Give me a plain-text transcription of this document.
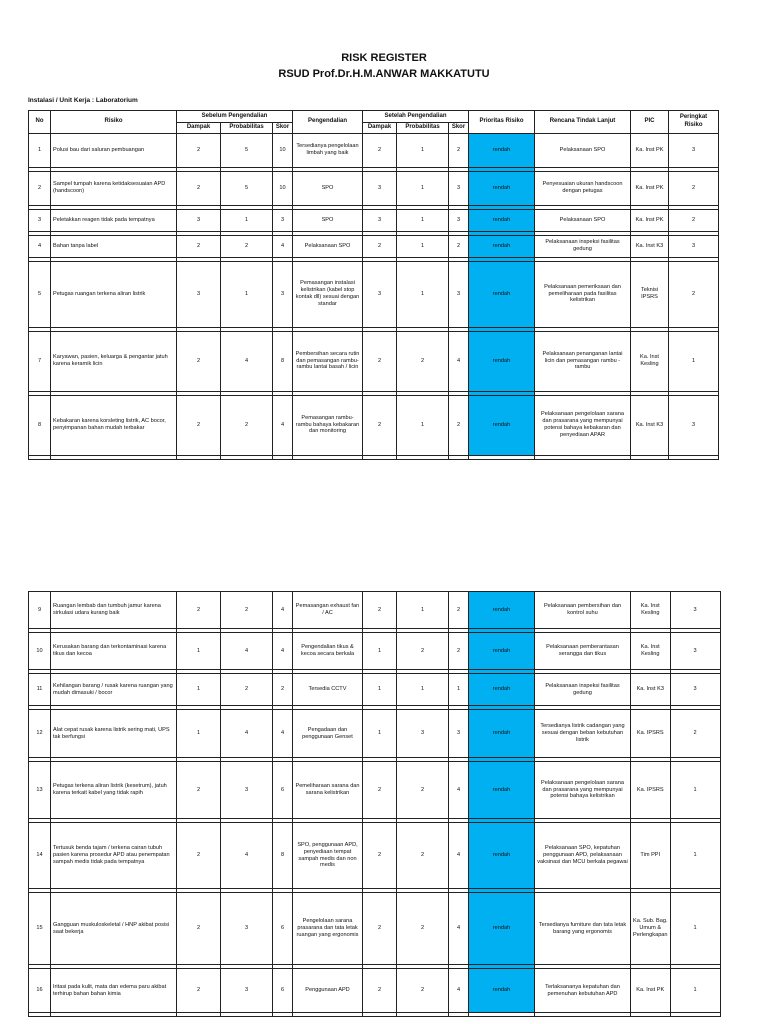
RISK REGISTER
RSUD Prof.Dr.H.M.ANWAR MAKKATUTU
Instalasi / Unit Kerja : Laboratorium
No	Risiko	Sebelum Pengendalian			Pengendalian	Setelah Pengendalian			Prioritas Risiko	Rencana Tindak Lanjut	PIC	Peringkat Risiko
		Dampak	Probabilitas	Skor		Dampak	Probabilitas	Skor				
1	Polusi bau dari saluran pembuangan	2	5	10	Tersedianya pengelolaan limbah yang baik	2	1	2	rendah	Pelaksanaan SPO	Ka. Inst PK	3

2	Sampel tumpah karena ketidaksesuaian APD (handscoon)	2	5	10	SPO	3	1	3	rendah	Penyesuaian ukuran handscoon dengan petugas	Ka. Inst PK	2

3	Peletakkan reagen tidak pada tempatnya	3	1	3	SPO	3	1	3	rendah	Pelaksanaan SPO	Ka. Inst PK	2

4	Bahan tanpa label	2	2	4	Pelaksanaan SPO	2	1	2	rendah	Pelaksanaan inspeksi fasilitas gedung	Ka. Inst K3	3

5	Petugas ruangan terkena aliran listrik	3	1	3	Pemasangan instalasi kelistrikan (kabel stop kontak dll) sesuai dengan standar	3	1	3	rendah	Pelaksanaan pemeriksaan dan pemeliharaan pada fasilitas kelistrikan	Teknisi IPSRS	2

7	Karyawan, pasien, keluarga & pengantar jatuh karena keramik licin	2	4	8	Pembersihan secara rutin dan pemasangan rambu-rambu lantai basah / licin	2	2	4	rendah	Pelaksanaan penanganan lantai licin dan pemasangan rambu - rambu	Ka. Inst Kesling	1

8	Kebakaran karena korsleting listrik, AC bocor, penyimpanan bahan mudah terbakar	2	2	4	Pemasangan rambu-rambu bahaya kebakaran dan monitoring	2	1	2	rendah	Pelaksanaan pengelolaan sarana dan prasarana yang mempunyai potensi bahaya kebakaran dan penyediaan APAR	Ka. Inst K3	3

9	Ruangan lembab dan tumbuh jamur karena sirkulasi udara kurang baik	2	2	4	Pemasangan exhaust fan / AC	2	1	2	rendah	Pelaksanaan pembersihan dan kontrol suhu	Ka. Inst Kesling	3

10	Kerusakan barang dan terkontaminasi karena tikus dan kecoa	1	4	4	Pengendalian tikus & kecoa secara berkala	1	2	2	rendah	Pelaksanaan pemberantasan serangga dan tikus	Ka. Inst Kesling	3

11	Kehilangan barang / rusak karena ruangan yang mudah dimasuki / bocor	1	2	2	Tersedia CCTV	1	1	1	rendah	Pelaksanaan inspeksi fasilitas gedung	Ka. Inst K3	3

12	Alat cepat rusak karena listrik sering mati, UPS tak berfungsi	1	4	4	Pengadaan dan penggunaan Genset	1	3	3	rendah	Tersedianya listrik cadangan yang sesuai dengan beban kebutuhan listrik	Ka. IPSRS	2

13	Petugas terkena aliran listrik (kesetrum), jatuh karena terkait kabel yang tidak rapih	2	3	6	Pemeliharaan sarana dan sarana kelistrikan	2	2	4	rendah	Pelaksanaan pengelolaan sarana dan prasarana yang mempunyai potensi bahaya kelistrikan	Ka. IPSRS	1

14	Tertusuk benda tajam / terkena cairan tubuh pasien karena prosedur APD atau penempatan sampah medis tidak pada tempatnya	2	4	8	SPO, penggunaan APD, penyediaan tempat sampah medis dan non medis	2	2	4	rendah	Pelaksanaan SPO, kepatuhan penggunaan APD, pelaksanaan vaksinasi dan MCU berkala pegawai	Tim PPI	1

15	Gangguan muskuloskeletal / HNP akibat posisi saat bekerja	2	3	6	Pengelolaan sarana prasarana dan tata letak ruangan yang ergonomis	2	2	4	rendah	Tersedianya furniture dan tata letak barang yang ergonomis	Ka. Sub. Bag. Umum & Perlengkapan	1

16	Iritasi pada kulit, mata dan edema paru akibat terhirup bahan bahan kimia	2	3	6	Penggunaan APD	2	2	4	rendah	Terlaksananya kepatuhan dan pemenuhan kebutuhan APD	Ka. Inst PK	1
